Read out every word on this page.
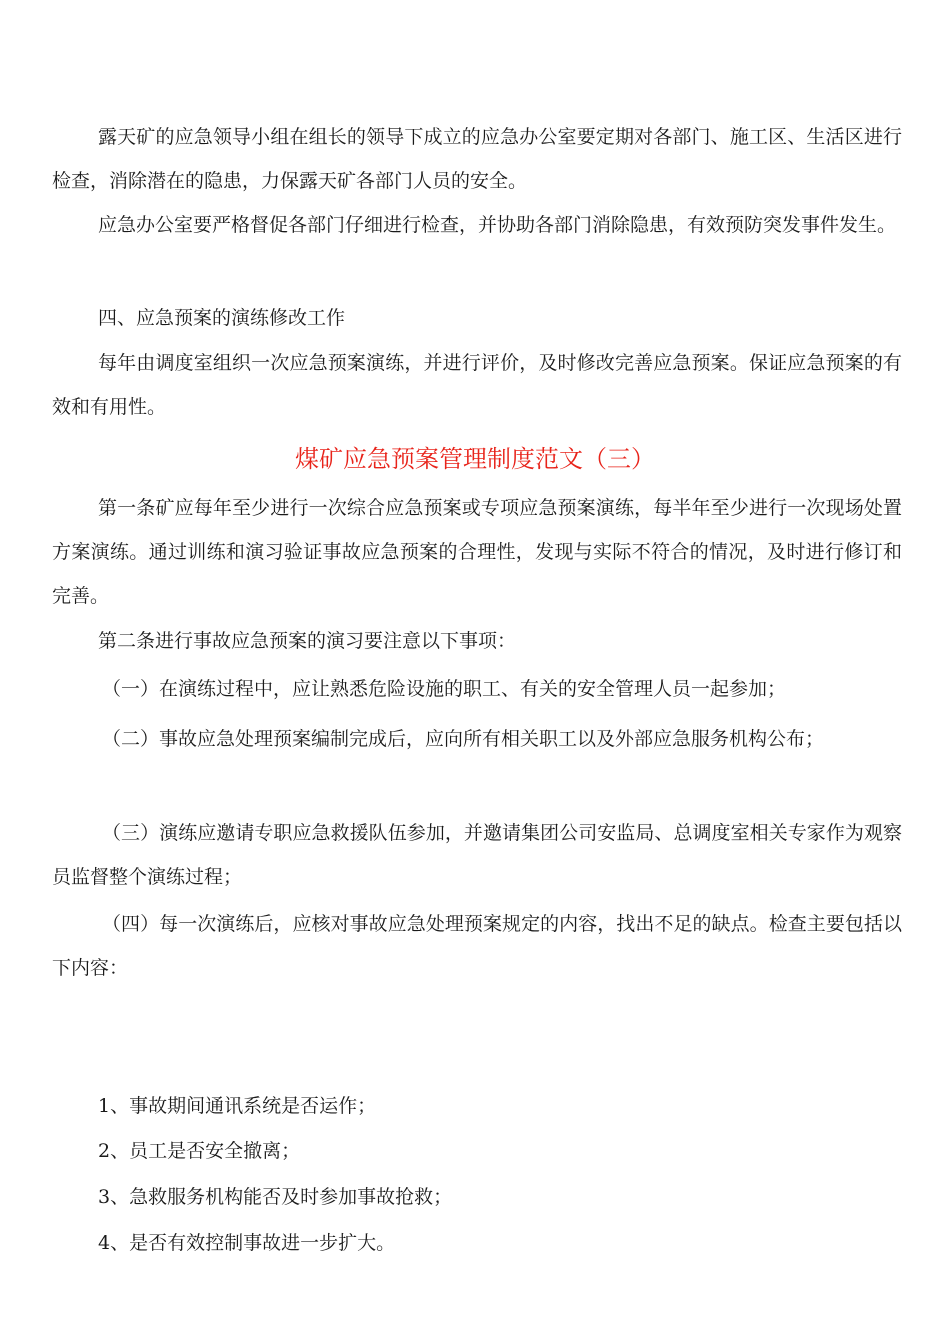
露天矿的应急领导小组在组长的领导下成立的应急办公室要定期对各部门、施工区、生活区进行检查，消除潜在的隐患，力保露天矿各部门人员的安全。

应急办公室要严格督促各部门仔细进行检查，并协助各部门消除隐患，有效预防突发事件发生。

四、应急预案的演练修改工作

每年由调度室组织一次应急预案演练，并进行评价，及时修改完善应急预案。保证应急预案的有效和有用性。

煤矿应急预案管理制度范文（三）

第一条矿应每年至少进行一次综合应急预案或专项应急预案演练，每半年至少进行一次现场处置方案演练。通过训练和演习验证事故应急预案的合理性，发现与实际不符合的情况，及时进行修订和完善。

第二条进行事故应急预案的演习要注意以下事项：

（一）在演练过程中，应让熟悉危险设施的职工、有关的安全管理人员一起参加；

（二）事故应急处理预案编制完成后，应向所有相关职工以及外部应急服务机构公布；

（三）演练应邀请专职应急救援队伍参加，并邀请集团公司安监局、总调度室相关专家作为观察员监督整个演练过程；

（四）每一次演练后，应核对事故应急处理预案规定的内容，找出不足的缺点。检查主要包括以下内容：

1、事故期间通讯系统是否运作；

2、员工是否安全撤离；

3、急救服务机构能否及时参加事故抢救；

4、是否有效控制事故进一步扩大。
